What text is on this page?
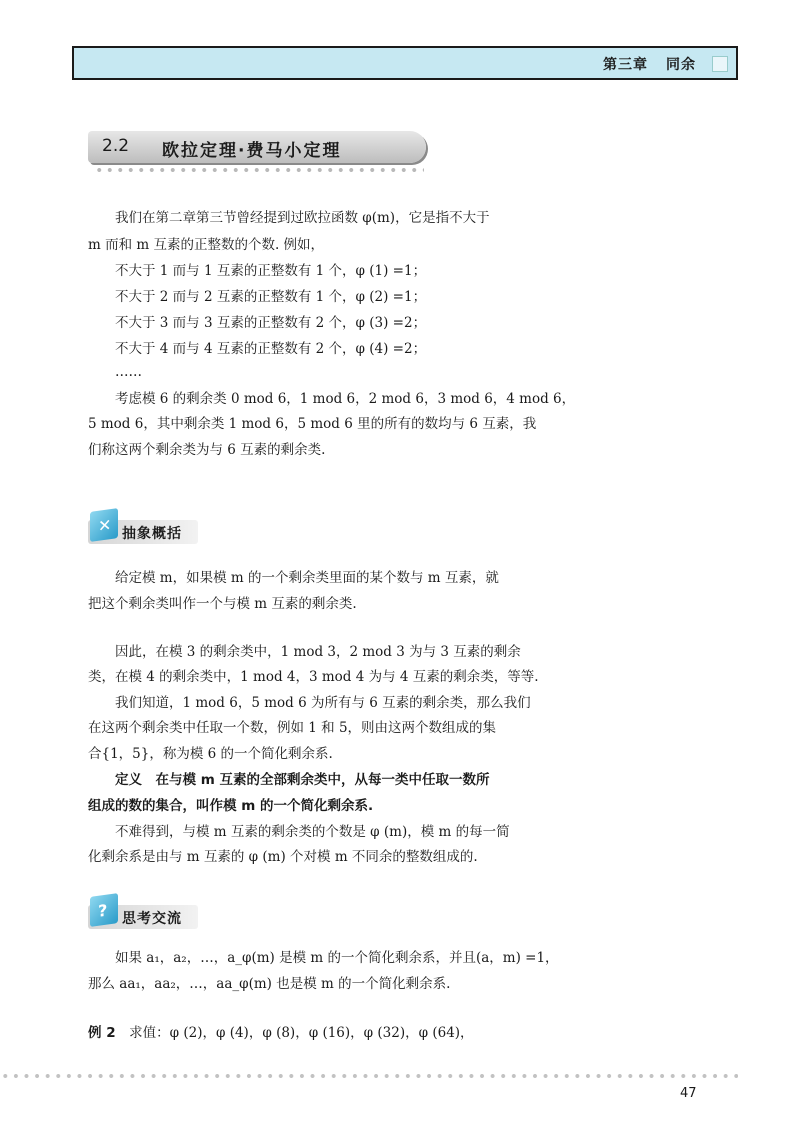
第三章 同余
2.2 欧拉定理·费马小定理
我们在第二章第三节曾经提到过欧拉函数 φ(m)，它是指不大于
m 而和 m 互素的正整数的个数. 例如，
不大于 1 而与 1 互素的正整数有 1 个，φ (1) =1；
不大于 2 而与 2 互素的正整数有 1 个，φ (2) =1；
不大于 3 而与 3 互素的正整数有 2 个，φ (3) =2；
不大于 4 而与 4 互素的正整数有 2 个，φ (4) =2；
……
考虑模 6 的剩余类 0 mod 6，1 mod 6，2 mod 6，3 mod 6，4 mod 6，
5 mod 6，其中剩余类 1 mod 6，5 mod 6 里的所有的数均与 6 互素，我
们称这两个剩余类为与 6 互素的剩余类.
✕ 抽象概括
给定模 m，如果模 m 的一个剩余类里面的某个数与 m 互素，就
把这个剩余类叫作一个与模 m 互素的剩余类.
因此，在模 3 的剩余类中，1 mod 3，2 mod 3 为与 3 互素的剩余
类，在模 4 的剩余类中，1 mod 4，3 mod 4 为与 4 互素的剩余类，等等.
我们知道，1 mod 6，5 mod 6 为所有与 6 互素的剩余类，那么我们
在这两个剩余类中任取一个数，例如 1 和 5，则由这两个数组成的集
合{1，5}，称为模 6 的一个简化剩余系.
定义　在与模 m 互素的全部剩余类中，从每一类中任取一数所
组成的数的集合，叫作模 m 的一个简化剩余系.
不难得到，与模 m 互素的剩余类的个数是 φ (m)，模 m 的每一简
化剩余系是由与 m 互素的 φ (m) 个对模 m 不同余的整数组成的.
? 思考交流
如果 a₁，a₂，…，a_φ(m) 是模 m 的一个简化剩余系，并且(a，m) =1，
那么 aa₁，aa₂，…，aa_φ(m) 也是模 m 的一个简化剩余系.
例 2　求值：φ (2)，φ (4)，φ (8)，φ (16)，φ (32)，φ (64)，
47
